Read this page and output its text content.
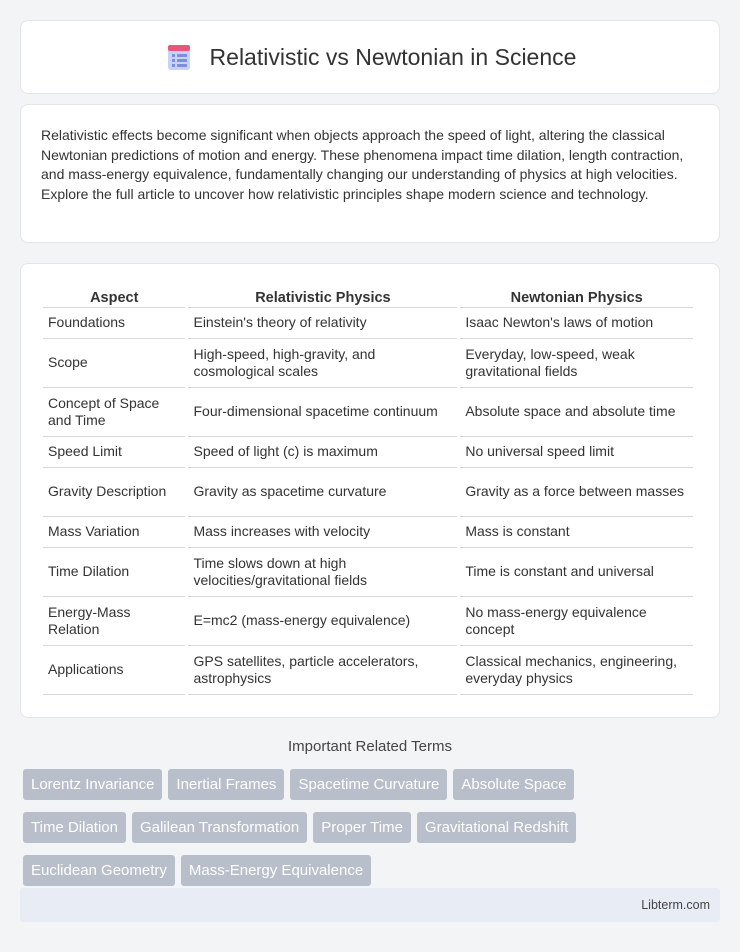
Relativistic vs Newtonian in Science

Relativistic effects become significant when objects approach the speed of light, altering the classical Newtonian predictions of motion and energy. These phenomena impact time dilation, length contraction, and mass-energy equivalence, fundamentally changing our understanding of physics at high velocities. Explore the full article to uncover how relativistic principles shape modern science and technology.

Aspect	Relativistic Physics	Newtonian Physics
Foundations	Einstein's theory of relativity	Isaac Newton's laws of motion
Scope	High-speed, high-gravity, and cosmological scales	Everyday, low-speed, weak gravitational fields
Concept of Space and Time	Four-dimensional spacetime continuum	Absolute space and absolute time
Speed Limit	Speed of light (c) is maximum	No universal speed limit
Gravity Description	Gravity as spacetime curvature	Gravity as a force between masses
Mass Variation	Mass increases with velocity	Mass is constant
Time Dilation	Time slows down at high velocities/gravitational fields	Time is constant and universal
Energy-Mass Relation	E=mc2 (mass-energy equivalence)	No mass-energy equivalence concept
Applications	GPS satellites, particle accelerators, astrophysics	Classical mechanics, engineering, everyday physics
Important Related Terms
Lorentz Invariance	Inertial Frames	Spacetime Curvature	Absolute Space
Time Dilation	Galilean Transformation	Proper Time	Gravitational Redshift
Euclidean Geometry	Mass-Energy Equivalence
Libterm.com
